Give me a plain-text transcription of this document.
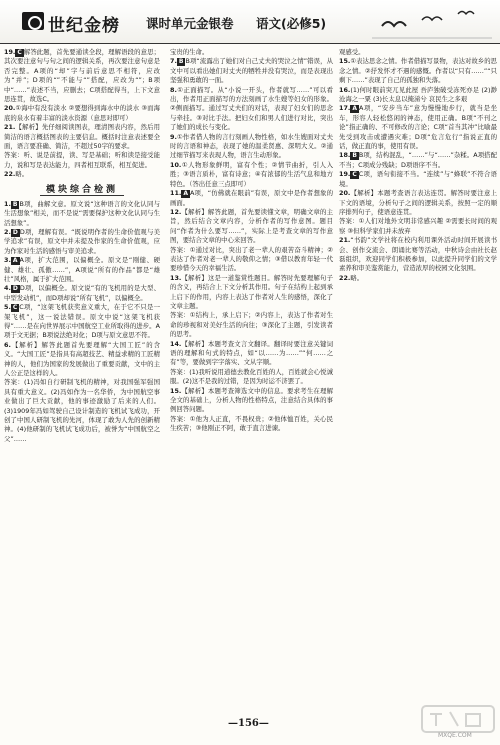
世纪金榜 课时单元金银卷 语文(必修5)

19. C 解答此题，首先要通读全段，理解语段的意思；其次要注意句与句之间的逻辑关系，再次要注意句意是否完整。A项的“却”字与前后意思不相符，应改为“并”；D项的“”不能与“”搭配，应改为“”；B项中“……”表述不当，应删去；C项搭配得当，上下文意思连贯，故选C。

20.①海中有没有淡水 ②要想得到海水中的淡水 ③而海底的泉水有着丰富的淡水资源（意思对即可）

21.【解析】先仔细阅读图表，理清图表内容，然后用简洁的语言概括图表的主要信息。概括时注意表述要全面，语言要准确、简洁，不超过50字的要求。

答案：听、说是前提，读、写是基础；听和读是接受能力，说和写是表达能力，四者相互联系，相互促进。

22.略。

模块综合检测

1. B B项，曲解文意。原文说“这种语言的文化认同与生活想象”相关，而不是说“需要保护这种文化认同与生活想象”。

2. D D项，理解有误。“既说明作者的生命价值观与美学追求”有误，原文中并未提及作家的生命价值观，应为作家对生活的感悟与审美追求。

3. A A项，扩大范围，以偏概全。原文是“刚健、硬健、雄壮、孤傲……”，A项说“所有的作品”都是“雄壮”风格，属于扩大范围。

4. D D项，以偏概全。原文说“有的飞机用的是大型、中型发动机”，而D项却说“所有飞机”，以偏概全。

5. C C项，“这架飞机获奖意义重大，在于它不只是一架飞机”，这一说法错误。原文中说“这架飞机获得”……是在向世界展示中国航空工业所取得的进步。A项于文无据；B项说法绝对化；D项与原文意思不符。

6.【解析】解答此题首先要理解“大国工匠”的含义。“大国工匠”是指具有高超技艺、精益求精的工匠精神的人，他们为国家的发展做出了重要贡献，文中的主人公正是这样的人。

答案：(1)冯如自行研制飞机的精神，对我国强军强国具有重大意义。(2)冯如作为一名华侨，为中国航空事业做出了巨大贡献，他的事迹激励了后来的人们。(3)1909年冯如驾驶自己设计制造的飞机试飞成功，开创了中国人研制飞机的先河，体现了敢为人先的创新精神。(4)他研制的飞机试飞成功后，被誉为“中国航空之父”……

宝贵的生命。

7. B B项“流露出了她们对自己丈夫的哭泣之情”错误，从文中可以看出她们对丈夫的牺牲并没有哭泣，而是表现出坚强和勇敢的一面。

8.①正面描写。从“小说一开头，作者就写……”可以看出，作者用正面描写的方法刻画了水生嫂等妇女的形象。②侧面描写。通过写丈夫们的对话，表现了妇女们的思念与牵挂。③对比手法。把妇女们和男人们进行对比，突出了她们的成长与变化。

9.①作者借人物的言行刻画人物性格，如水生嫂面对丈夫时的言语和神态，表现了她的温柔贤惠、深明大义。②通过细节描写来表现人物，语言生动形象。

10.①人物形象鲜明，富有个性；②情节曲折，引人入胜；③语言质朴，富有诗意；④有浓郁的生活气息和地方特色。（答出任意三点即可）

11. A A项，“仿佛就在眼前”有误，原文中是作者想象的画面。

12.【解析】解答此题，首先要读懂文章，明确文章的主旨，然后结合文章内容，分析作者的写作意图。题目问“作者为什么要写……”，实际上是考查文章的写作意图，要结合文章的中心来回答。

答案：①通过对比，突出了老一辈人的艰苦奋斗精神；②表达了作者对老一辈人的敬仰之情；③借以教育年轻一代要珍惜今天的幸福生活。

13.【解析】这是一道鉴赏性题目。解答时先要理解句子的含义，再结合上下文分析其作用。句子在结构上起到承上启下的作用，内容上表达了作者对人生的感悟，深化了文章主题。

答案：①结构上，承上启下；②内容上，表达了作者对生命的珍视和对美好生活的向往；③深化了主题，引发读者的思考。

14.【解析】本题考查文言文翻译。翻译时要注意关键词语的理解和句式的特点，如“以……为……”“何……之有”等，要做到字字落实、文从字顺。

答案：(1)我听说用道德去教化百姓的人，百姓就会心悦诚服。(2)这不是我的过错，是因为时运不济罢了。

15.【解析】本题考查筛选文中的信息。要求考生在理解全文的基础上，分析人物的性格特点，注意结合具体的事例回答问题。

答案：①他为人正直，不畏权贵；②他体恤百姓，关心民生疾苦；③他刚正不阿，敢于直言进谏。

观感受。

15.①表达思念之情。作者借描写景物，表达对故乡的思念之情。②抒发怀才不遇的感慨。作者以“只有……”“只剩下……”表现了自己的孤独和失落。

16.(1)何时眼前突兀见此屋 吾庐独破受冻死亦足 (2)渺沧海之一粟 (3)长太息以掩涕兮 哀民生之多艰

17. A A项，“安步当车”意为慢慢地步行，就当是坐车，形容人轻松悠闲的神态，使用正确。B项“不刊之论”指正确的、不可修改的言论；C项“首当其冲”比喻最先受到攻击或遭遇灾难；D项“危言危行”指说正直的话，做正直的事，使用有误。

18. B B项，结构混乱，“……”与“……”杂糅。A项搭配不当；C项成分残缺；D项语序不当。

19. C C项，语句衔接不当。“连续”与“蜂联”不符合语境。

20.【解析】本题考查语言表达连贯。解答时要注意上下文的语境，分析句子之间的逻辑关系，按照一定的顺序排列句子，使语意连贯。

答案：①人们对地外文明非常感兴趣 ②需要长时间的观察 ③但科学家们并未放弃

21.“书韵”文学社将在校内利用课外活动时间开展读书会、创作交流会、朗诵比赛等活动，中秋诗会由社长赵磊组织，欢迎同学们积极参加，以此提升同学们的文学素养和审美鉴赏能力，营造浓厚的校园文化氛围。

22.略。

—156—
MXQE.COM
